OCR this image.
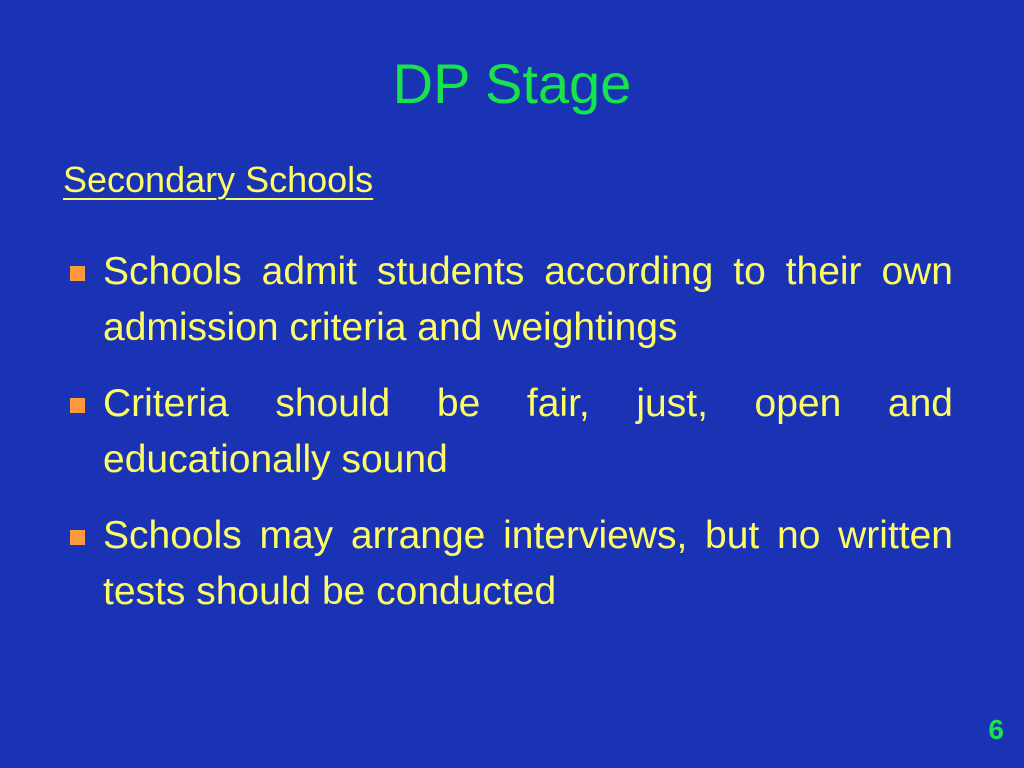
DP Stage
Secondary Schools
Schools admit students according to their own admission criteria and weightings
Criteria should be fair, just, open and educationally sound
Schools may arrange interviews, but no written tests should be conducted
6
